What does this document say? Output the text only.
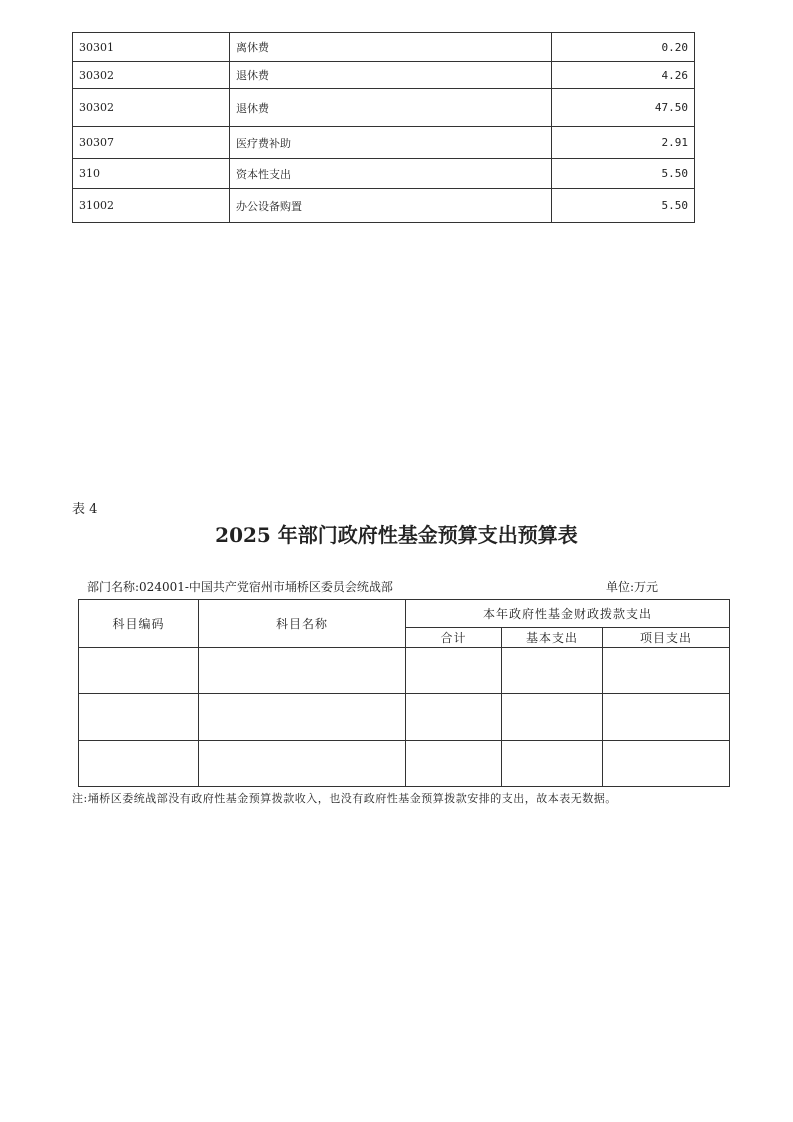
30301	离休费	0.20
30302	退休费	4.26
30302	退休费	47.50
30307	医疗费补助	2.91
310	资本性支出	5.50
31002	办公设备购置	5.50
表 4
2025 年部门政府性基金预算支出预算表
部门名称:024001-中国共产党宿州市埇桥区委员会统战部	单位:万元
科目编码	科目名称	本年政府性基金财政拨款支出		
		合计	基本支出	项目支出

注:埇桥区委统战部没有政府性基金预算拨款收入，也没有政府性基金预算拨款安排的支出，故本表无数据。
